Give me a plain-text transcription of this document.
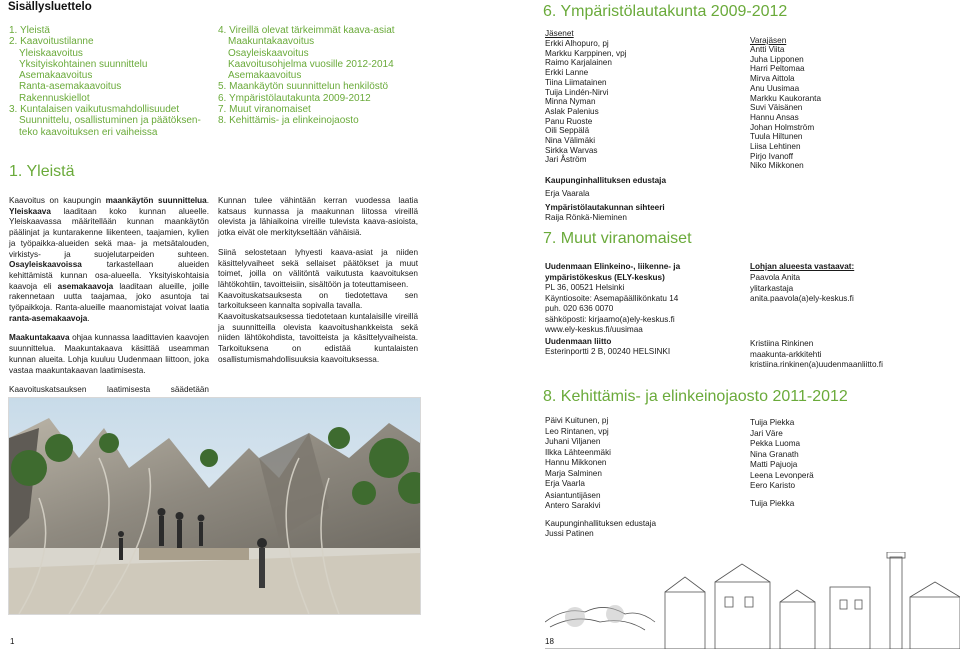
Sisällysluettelo
1. Yleistä
2. Kaavoitustilanne
Yleiskaavoitus
Yksityiskohtainen suunnittelu
Asemakaavoitus
Ranta-asemakaavoitus
Rakennuskiellot
3. Kuntalaisen vaikutusmahdollisuudet
Suunnittelu, osallistuminen ja päätöksen-
teko kaavoituksen eri vaiheissa
4. Vireillä olevat tärkeimmät kaava-asiat
Maakuntakaavoitus
Osayleiskaavoitus
Kaavoitusohjelma vuosille 2012-2014
Asemakaavoitus
5. Maankäytön suunnittelun henkilöstö
6. Ympäristölautakunta 2009-2012
7. Muut viranomaiset
8. Kehittämis- ja elinkeinojaosto
1. Yleistä

Kaavoitus on kaupungin maankäytön suunnittelua. Yleiskaava laaditaan koko kunnan alueelle. Yleiskaavassa määritellään kunnan maankäytön päälinjat ja kuntarakenne liikenteen, taajamien, kylien ja työpaikka-alueiden sekä maa- ja metsätalouden, virkistys- ja suojelutarpeiden suhteen. Osayleiskaavoissa tarkastellaan alueiden kehittämistä kunnan osa-alueella. Yksityiskohtaisia kaavoja eli asemakaavoja laaditaan alueille, joille rakennetaan uutta taajamaa, joko asuntoja tai työpaikkoja. Ranta-alueille maanomistajat voivat laatia ranta-asemakaavoja.

Maakuntakaava ohjaa kunnassa laadittavien kaavojen suunnittelua. Maakuntakaava käsittää useamman kunnan alueita. Lohja kuuluu Uudenmaan liittoon, joka vastaa maakuntakaavan laatimisesta.

Kaavoituskatsauksen laatimisesta säädetään

Kunnan tulee vähintään kerran vuodessa laatia katsaus kunnassa ja maakunnan liitossa vireillä olevista ja lähiaikoina vireille tulevista kaava-asioista, jotka eivät ole merkitykseltään vähäisiä.

Siinä selostetaan lyhyesti kaava-asiat ja niiden käsittelyvaiheet sekä sellaiset päätökset ja muut toimet, joilla on välitöntä vaikutusta kaavoituksen lähtökohtiin, tavoitteisiin, sisältöön ja toteuttamiseen.

Kaavoituskatsauksesta on tiedotettava sen tarkoitukseen kannalta sopivalla tavalla.

Kaavoituskatsauksessa tiedotetaan kuntalaisille vireillä ja suunnitteilla olevista kaavoitushankkeista sekä niiden lähtökohdista, tavoitteista ja käsittelyvaiheista. Tarkoituksena on edistää kuntalaisten osallistumismahdollisuuksia kaavoituksessa.

1
6. Ympäristölautakunta 2009-2012
Jäsenet
Erkki Alhopuro, pj
Markku Karppinen, vpj
Raimo Karjalainen
Erkki Lanne
Tiina Liimatainen
Tuija Lindén-Nirvi
Minna Nyman
Aslak Palenius
Panu Ruoste
Oili Seppälä
Nina Välimäki
Sirkka Warvas
Jari Åström
Varajäsen
Antti Viita
Juha Lipponen
Harri Peltomaa
Mirva Aittola
Anu Uusimaa
Markku Kaukoranta
Suvi Väisänen
Hannu Ansas
Johan Holmström
Tuula Hiltunen
Liisa Lehtinen
Pirjo Ivanoff
Niko Mikkonen
Kaupunginhallituksen edustaja
Erja Vaarala
Ympäristölautakunnan sihteeri
Raija Rönkä-Nieminen
7. Muut viranomaiset
Uudenmaan Elinkeino-, liikenne- ja ympäristökeskus (ELY-keskus)
PL 36, 00521 Helsinki
Käyntiosoite: Asemapäällikönkatu 14
puh. 020 636 0070
sähköposti: kirjaamo(a)ely-keskus.fi
www.ely-keskus.fi/uusimaa
Lohjan alueesta vastaavat:
Paavola Anita
ylitarkastaja
anita.paavola(a)ely-keskus.fi
Uudenmaan liitto
Esterinportti 2 B, 00240 HELSINKI
Kristiina Rinkinen
maakunta-arkkitehti
kristiina.rinkinen(a)uudenmaanliitto.fi
8. Kehittämis- ja elinkeinojaosto 2011-2012
Päivi Kuitunen, pj
Leo Rintanen, vpj
Juhani Viljanen
Ilkka Lähteenmäki
Hannu Mikkonen
Marja Salminen
Erja Vaarla
Tuija Piekka
Jari Väre
Pekka Luoma
Nina Granath
Matti Pajuoja
Leena Levonperä
Eero Karisto
Asiantuntijäsen
Antero Sarakivi	Tuija Piekka
Kaupunginhallituksen edustaja
Jussi Patinen
18
